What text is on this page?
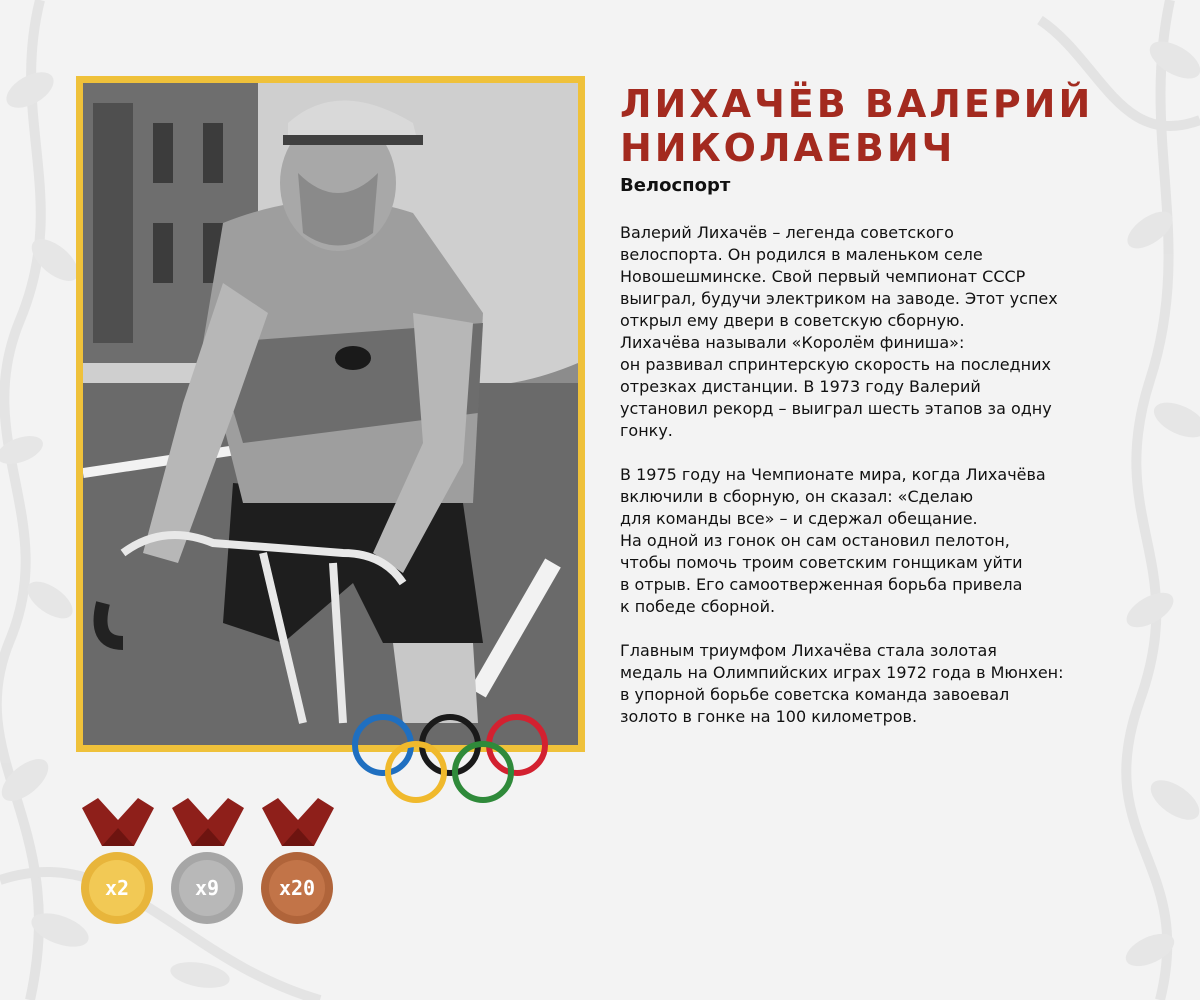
ЛИХАЧЁВ ВАЛЕРИЙ
НИКОЛАЕВИЧ

Велоспорт

Валерий Лихачёв – легенда советского
велоспорта. Он родился в маленьком селе
Новошешминске. Свой первый чемпионат СССР
выиграл, будучи электриком на заводе. Этот успех
открыл ему двери в советскую сборную.
Лихачёва называли «Королём финиша»:
он развивал спринтерскую скорость на последних
отрезках дистанции. В 1973 году Валерий
установил рекорд – выиграл шесть этапов за одну
гонку.

В 1975 году на Чемпионате мира, когда Лихачёва
включили в сборную, он сказал: «Сделаю
для команды все» – и сдержал обещание.
На одной из гонок он сам остановил пелотон,
чтобы помочь троим советским гонщикам уйти
в отрыв. Его самоотверженная борьба привела
к победе сборной.

Главным триумфом Лихачёва стала золотая
медаль на Олимпийских играх 1972 года в Мюнхен:
в упорной борьбе советска команда завоевал
золото в гонке на 100 километров.

x2	x9	x20
